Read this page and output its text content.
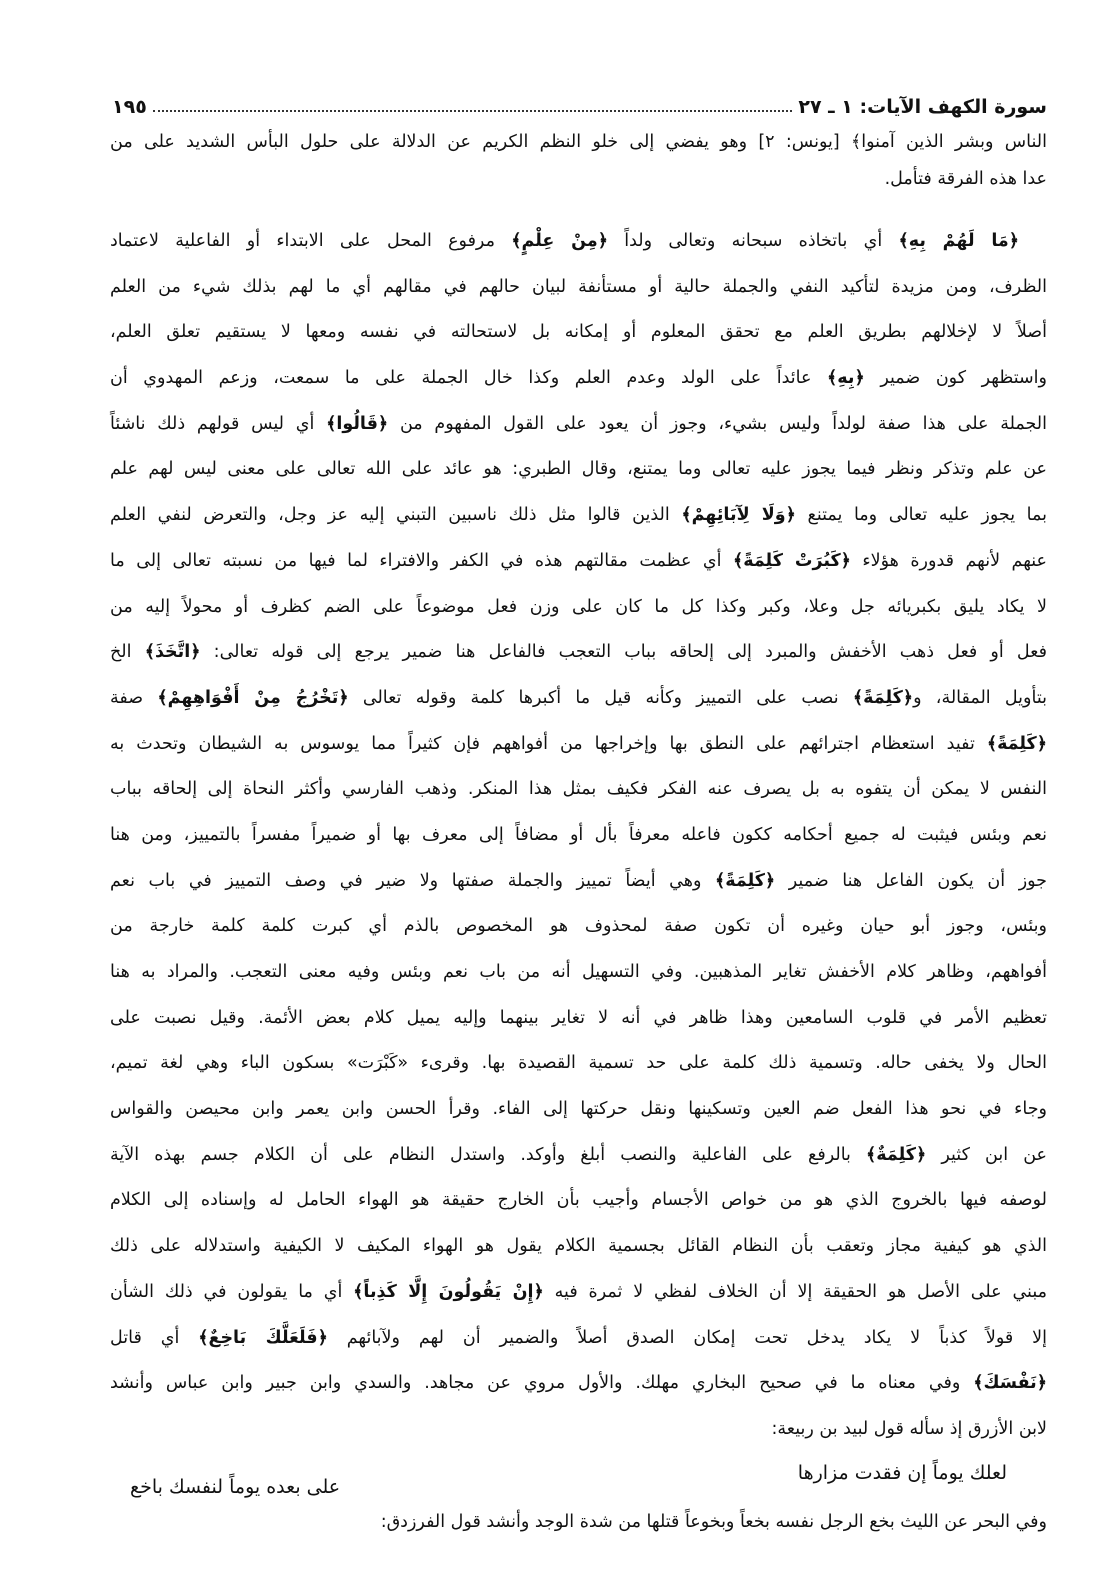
سورة الكهف الآيات: ١ ـ ٢٧
١٩٥
الناس وبشر الذين آمنوا﴾ [يونس: ٢] وهو يفضي إلى خلو النظم الكريم عن الدلالة على حلول البأس الشديد على من
عدا هذه الفرقة فتأمل.
﴿مَا لَهُمْ بِهِ﴾ أي باتخاذه سبحانه وتعالى ولداً ﴿مِنْ عِلْمٍ﴾ مرفوع المحل على الابتداء أو الفاعلية لاعتماد
الظرف، ومن مزيدة لتأكيد النفي والجملة حالية أو مستأنفة لبيان حالهم في مقالهم أي ما لهم بذلك شيء من العلم
أصلاً لا لإخلالهم بطريق العلم مع تحقق المعلوم أو إمكانه بل لاستحالته في نفسه ومعها لا يستقيم تعلق العلم،
واستظهر كون ضمير ﴿بِهِ﴾ عائداً على الولد وعدم العلم وكذا خال الجملة على ما سمعت، وزعم المهدوي أن
الجملة على هذا صفة لولداً وليس بشيء، وجوز أن يعود على القول المفهوم من ﴿قَالُوا﴾ أي ليس قولهم ذلك ناشئاً
عن علم وتذكر ونظر فيما يجوز عليه تعالى وما يمتنع، وقال الطبري: هو عائد على الله تعالى على معنى ليس لهم علم
بما يجوز عليه تعالى وما يمتنع ﴿وَلَا لِآبَائِهِمْ﴾ الذين قالوا مثل ذلك ناسبين التبني إليه عز وجل، والتعرض لنفي العلم
عنهم لأنهم قدورة هؤلاء ﴿كَبُرَتْ كَلِمَةً﴾ أي عظمت مقالتهم هذه في الكفر والافتراء لما فيها من نسبته تعالى إلى ما
لا يكاد يليق بكبريائه جل وعلا، وكبر وكذا كل ما كان على وزن فعل موضوعاً على الضم كظرف أو محولاً إليه من
فعل أو فعل ذهب الأخفش والمبرد إلى إلحاقه بباب التعجب فالفاعل هنا ضمير يرجع إلى قوله تعالى: ﴿اتَّخَذَ﴾ الخ
بتأويل المقالة، و﴿كَلِمَةً﴾ نصب على التمييز وكأنه قيل ما أكبرها كلمة وقوله تعالى ﴿تَخْرُجُ مِنْ أَفْوَاهِهِمْ﴾ صفة
﴿كَلِمَةً﴾ تفيد استعظام اجترائهم على النطق بها وإخراجها من أفواههم فإن كثيراً مما يوسوس به الشيطان وتحدث به
النفس لا يمكن أن يتفوه به بل يصرف عنه الفكر فكيف بمثل هذا المنكر. وذهب الفارسي وأكثر النحاة إلى إلحاقه بباب
نعم وبئس فيثبت له جميع أحكامه ككون فاعله معرفاً بأل أو مضافاً إلى معرف بها أو ضميراً مفسراً بالتمييز، ومن هنا
جوز أن يكون الفاعل هنا ضمير ﴿كَلِمَةً﴾ وهي أيضاً تمييز والجملة صفتها ولا ضير في وصف التمييز في باب نعم
وبئس، وجوز أبو حيان وغيره أن تكون صفة لمحذوف هو المخصوص بالذم أي كبرت كلمة كلمة خارجة من
أفواههم، وظاهر كلام الأخفش تغاير المذهبين. وفي التسهيل أنه من باب نعم وبئس وفيه معنى التعجب. والمراد به هنا
تعظيم الأمر في قلوب السامعين وهذا ظاهر في أنه لا تغاير بينهما وإليه يميل كلام بعض الأئمة. وقيل نصبت على
الحال ولا يخفى حاله. وتسمية ذلك كلمة على حد تسمية القصيدة بها. وقرىء «كَبْرَت» بسكون الباء وهي لغة تميم،
وجاء في نحو هذا الفعل ضم العين وتسكينها ونقل حركتها إلى الفاء. وقرأ الحسن وابن يعمر وابن محيصن والقواس
عن ابن كثير ﴿كَلِمَةٌ﴾ بالرفع على الفاعلية والنصب أبلغ وأوكد. واستدل النظام على أن الكلام جسم بهذه الآية
لوصفه فيها بالخروج الذي هو من خواص الأجسام وأجيب بأن الخارج حقيقة هو الهواء الحامل له وإسناده إلى الكلام
الذي هو كيفية مجاز وتعقب بأن النظام القائل بجسمية الكلام يقول هو الهواء المكيف لا الكيفية واستدلاله على ذلك
مبني على الأصل هو الحقيقة إلا أن الخلاف لفظي لا ثمرة فيه ﴿إِنْ يَقُولُونَ إِلَّا كَذِباً﴾ أي ما يقولون في ذلك الشأن
إلا قولاً كذباً لا يكاد يدخل تحت إمكان الصدق أصلاً والضمير أن لهم ولآبائهم ﴿فَلَعَلَّكَ بَاخِعٌ﴾ أي قاتل
﴿نَفْسَكَ﴾ وفي معناه ما في صحيح البخاري مهلك. والأول مروي عن مجاهد. والسدي وابن جبير وابن عباس وأنشد
لابن الأزرق إذ سأله قول لبيد بن ربيعة:
لعلك يوماً إن فقدت مزارها
على بعده يوماً لنفسك باخع
وفي البحر عن الليث بخع الرجل نفسه بخعاً وبخوعاً قتلها من شدة الوجد وأنشد قول الفرزدق:
